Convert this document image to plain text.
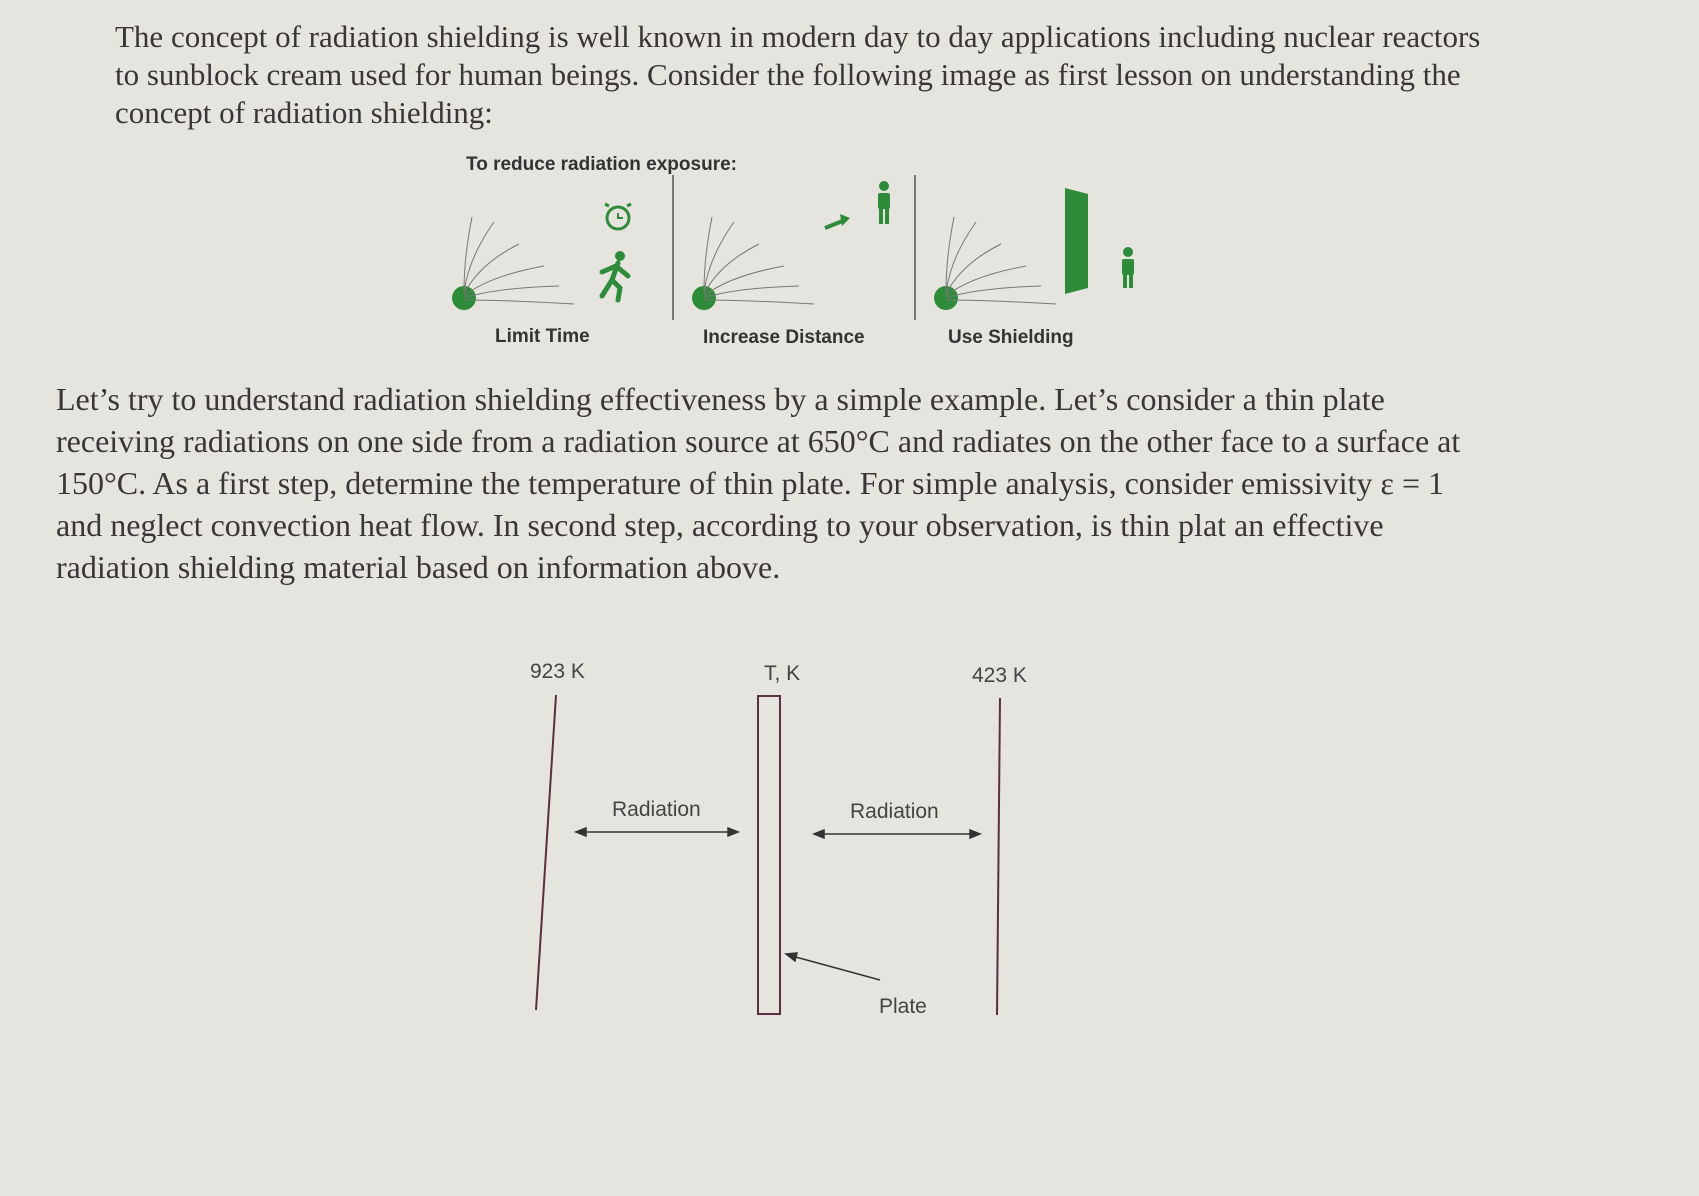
The concept of radiation shielding is well known in modern day to day applications including nuclear reactors to sunblock cream used for human beings. Consider the following image as first lesson on understanding the concept of radiation shielding:

To reduce radiation exposure:
Limit Time	Increase Distance	Use Shielding

Let’s try to understand radiation shielding effectiveness by a simple example. Let’s consider a thin plate receiving radiations on one side from a radiation source at 650°C and radiates on the other face to a surface at 150°C. As a first step, determine the temperature of thin plate. For simple analysis, consider emissivity ε = 1 and neglect convection heat flow. In second step, according to your observation, is thin plat an effective radiation shielding material based on information above.

923 K	T, K	423 K
Radiation	Radiation
Plate
